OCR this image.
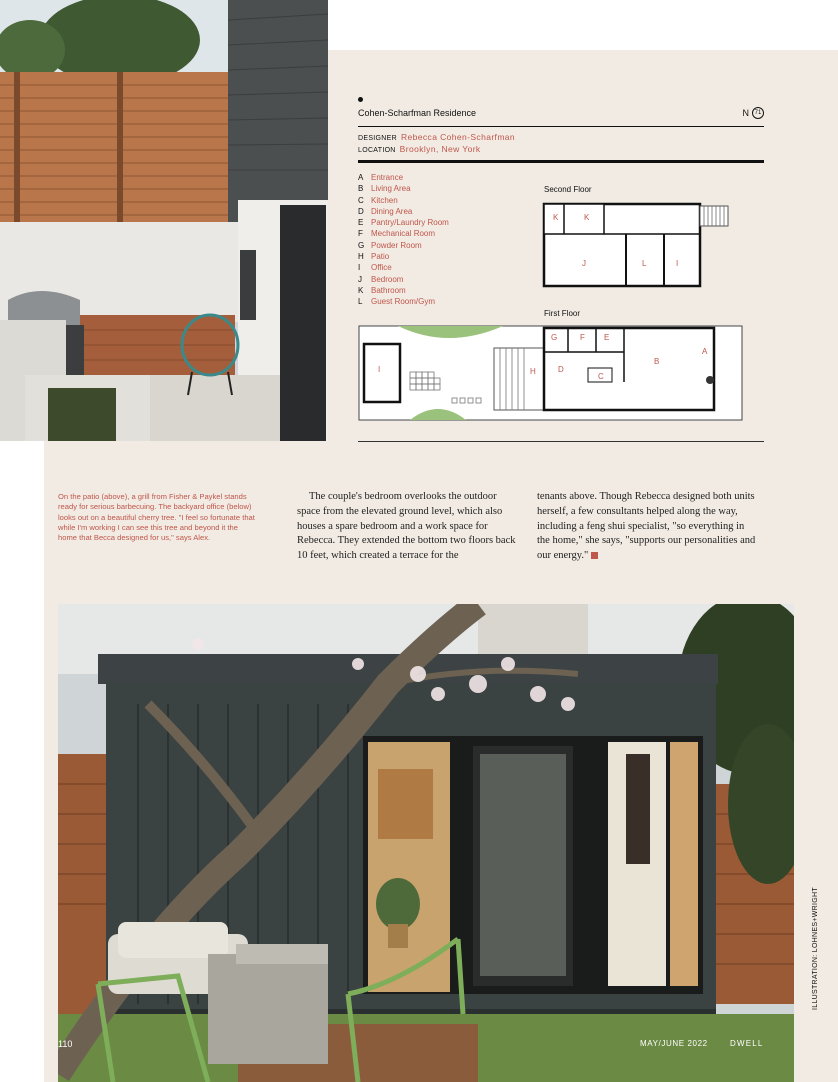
Cohen-Scharfman Residence	N 71
DESIGNER Rebecca Cohen-Scharfman
LOCATION Brooklyn, New York
A Entrance
B Living Area
C Kitchen
D Dining Area
E Pantry/Laundry Room
F	Mechanical Room
G Powder Room
H Patio
I	Office
J	Bedroom
K Bathroom
L	Guest Room/Gym
Second Floor
First Floor
K	K
J	L	I
I	H
G	F E
D
C
B
A
On the patio (above), a grill from Fisher & Paykel stands ready for serious barbecuing. The backyard office (below) looks out on a beautiful cherry tree. "I feel so fortunate that while I'm working I can see this tree and beyond it the home that Becca designed for us," says Alex.
The couple's bedroom overlooks the outdoor space from the elevated ground level, which also houses a spare bedroom and a work space for Rebecca. They extended the bottom two floors back 10 feet, which created a terrace for the
tenants above. Though Rebecca designed both units herself, a few consultants helped along the way, including a feng shui specialist, "so everything in the home," she says, "supports our personalities and our energy."
110	MAY/JUNE 2022	DWELL
ILLUSTRATION: LOHNES+WRIGHT
